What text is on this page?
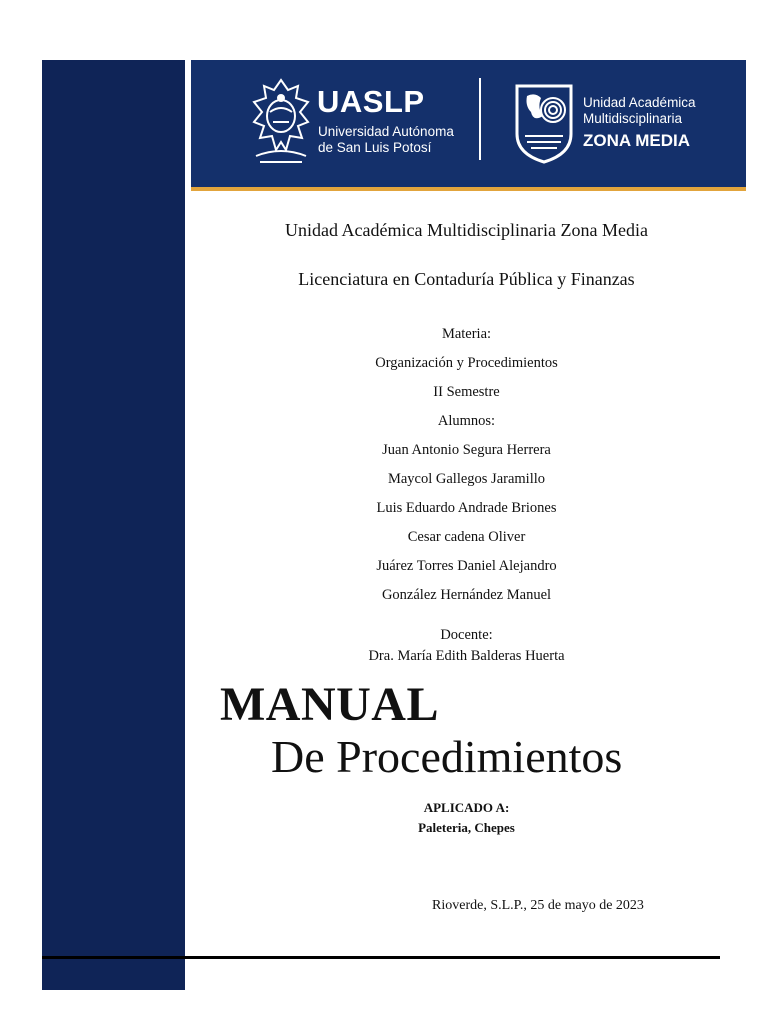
UASLP
Universidad Autónoma
de San Luis Potosí
Unidad Académica
Multidisciplinaria
ZONA MEDIA
Unidad Académica Multidisciplinaria Zona Media
Licenciatura en Contaduría Pública y Finanzas
Materia:
Organización y Procedimientos
II Semestre
Alumnos:
Juan Antonio Segura Herrera
Maycol Gallegos Jaramillo
Luis Eduardo Andrade Briones
Cesar cadena Oliver
Juárez Torres Daniel Alejandro
González Hernández Manuel
Docente:
Dra. María Edith Balderas Huerta
MANUAL
De Procedimientos
APLICADO A:
Paleteria, Chepes
Rioverde, S.L.P., 25 de mayo de 2023
